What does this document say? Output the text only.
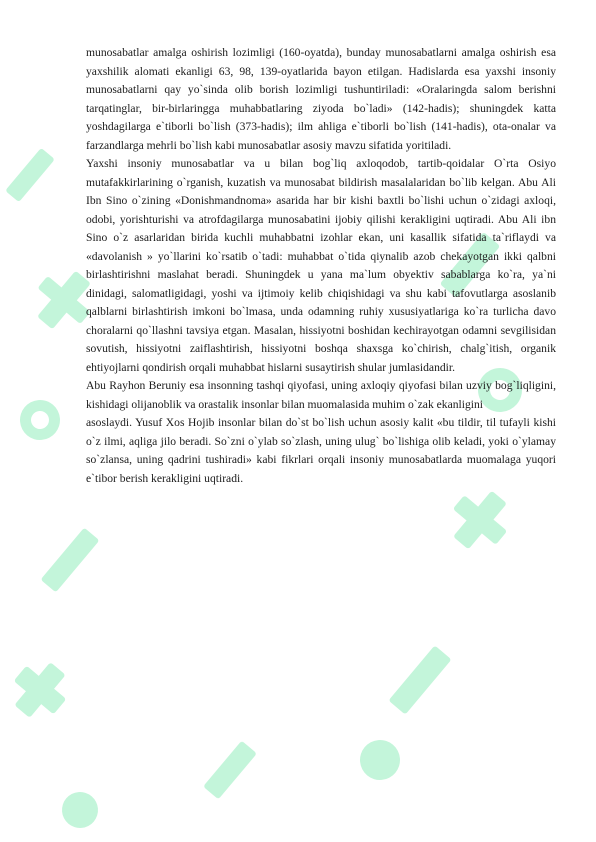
munosabatlar amalga oshirish lozimligi (160-oyatda), bunday munosabatlarni amalga oshirish esa yaxshilik alomati ekanligi 63, 98, 139-oyatlarida bayon etilgan. Hadislarda esa yaxshi insoniy munosabatlarni qay yo`sinda olib borish lozimligi tushuntiriladi: «Oralaringda salom berishni tarqatinglar, bir-birlaringga muhabbatlaring ziyoda bo`ladi» (142-hadis); shuningdek katta yoshdagilarga e`tiborli bo`lish (373-hadis); ilm ahliga e`tiborli bo`lish (141-hadis), ota-onalar va farzandlarga mehrli bo`lish kabi munosabatlar asosiy mavzu sifatida yoritiladi.

Yaxshi insoniy munosabatlar va u bilan bog`liq axloqodob, tartib-qoidalar O`rta Osiyo mutafakkirlarining o`rganish, kuzatish va munosabat bildirish masalalaridan bo`lib kelgan. Abu Ali Ibn Sino o`zining «Donishmandnoma» asarida har bir kishi baxtli bo`lishi uchun o`zidagi axloqi, odobi, yorishturishi va atrofdagilarga munosabatini ijobiy qilishi kerakligini uqtiradi. Abu Ali ibn Sino o`z asarlaridan birida kuchli muhabbatni izohlar ekan, uni kasallik sifatida ta`riflaydi va «davolanish » yo`llarini ko`rsatib o`tadi: muhabbat o`tida qiynalib azob chekayotgan ikki qalbni birlashtirishni maslahat beradi. Shuningdek u yana ma`lum obyektiv sabablarga ko`ra, ya`ni dinidagi, salomatligidagi, yoshi va ijtimoiy kelib chiqishidagi va shu kabi tafovutlarga asoslanib qalblarni birlashtirish imkoni bo`lmasa, unda odamning ruhiy xususiyatlariga ko`ra turlicha davo choralarni qo`llashni tavsiya etgan. Masalan, hissiyotni boshidan kechirayotgan odamni sevgilisidan sovutish, hissiyotni zaiflashtirish, hissiyotni boshqa shaxsga ko`chirish, chalg`itish, organik ehtiyojlarni qondirish orqali muhabbat hislarni susaytirish shular jumlasidandir.

Abu Rayhon Beruniy esa insonning tashqi qiyofasi, uning axloqiy qiyofasi bilan uzviy bog`liqligini, kishidagi olijanoblik va orastalik insonlar bilan muomalasida muhim o`zak ekanligini

asoslaydi. Yusuf Xos Hojib insonlar bilan do`st bo`lish uchun asosiy kalit «bu tildir, til tufayli kishi o`z ilmi, aqliga jilo beradi. So`zni o`ylab so`zlash, uning ulug` bo`lishiga olib keladi, yoki o`ylamay so`zlansa, uning qadrini tushiradi» kabi fikrlari orqali insoniy munosabatlarda muomalaga yuqori e`tibor berish kerakligini uqtiradi.
